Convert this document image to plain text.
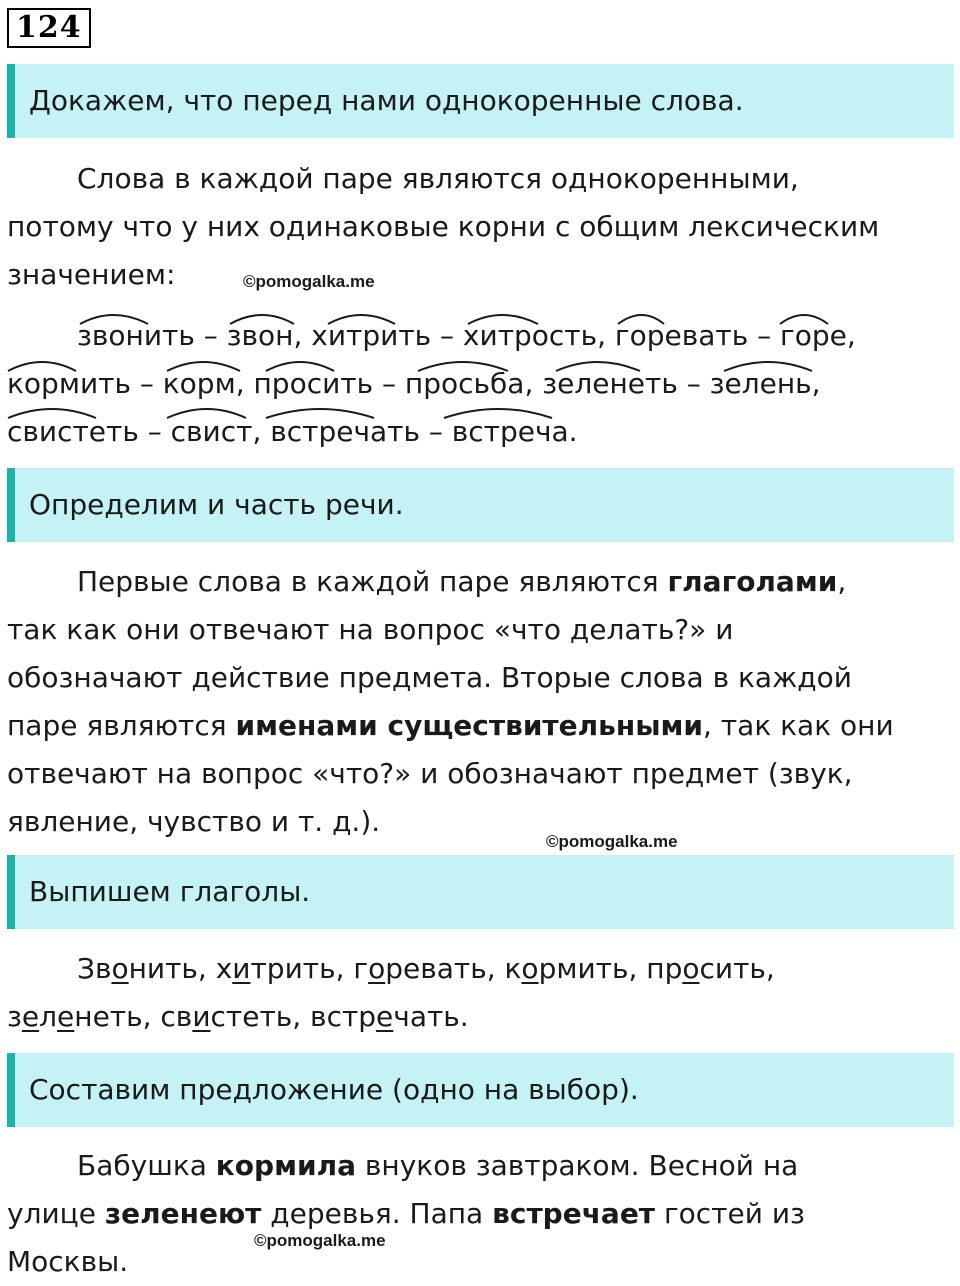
124
Докажем, что перед нами однокоренные слова.
Слова в каждой паре являются однокоренными,
потому что у них одинаковые корни с общим лексическим
значением:	©pomogalka.me
звонить – звон, хитрить – хитрость, горевать – горе,
кормить – корм, просить – просьба, зеленеть – зелень,
свистеть – свист, встречать – встреча.
Определим и часть речи.
Первые слова в каждой паре являются глаголами,
так как они отвечают на вопрос «что делать?» и
обозначают действие предмета. Вторые слова в каждой
паре являются именами существительными, так как они
отвечают на вопрос «что?» и обозначают предмет (звук,
явление, чувство и т. д.).
©pomogalka.me
Выпишем глаголы.
Звонить, хитрить, горевать, кормить, просить,
зеленеть, свистеть, встречать.
Составим предложение (одно на выбор).
Бабушка кормила внуков завтраком. Весной на
улице зеленеют деревья. Папа встречает гостей из
Москвы.
©pomogalka.me
